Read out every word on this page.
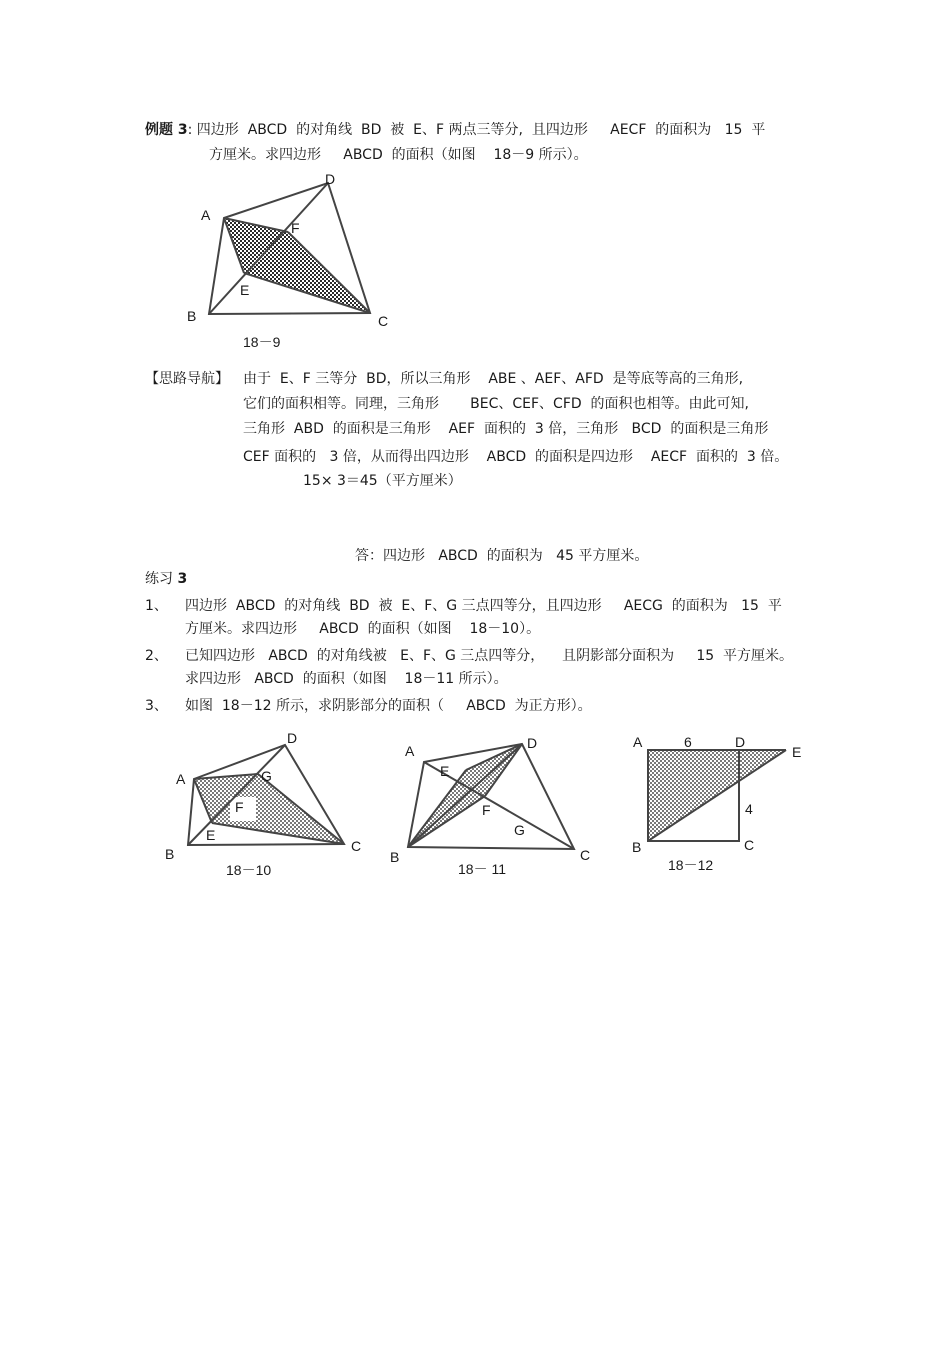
例题 3: 四边形  ABCD  的对角线  BD  被  E、F 两点三等分,  且四边形     AECF  的面积为   15  平
方厘米。求四边形     ABCD  的面积（如图    18－9 所示）。
D
A
F
E
B	C
18－9
【思路导航】 由于  E、F 三等分  BD，所以三角形    ABE 、AEF、AFD  是等底等高的三角形,
它们的面积相等。同理，三角形       BEC、CEF、CFD  的面积也相等。由此可知,
三角形  ABD  的面积是三角形    AEF  面积的  3 倍，三角形   BCD  的面积是三角形
CEF 面积的   3 倍，从而得出四边形    ABCD  的面积是四边形    AECF  面积的  3 倍。
15× 3＝45（平方厘米）
答：四边形   ABCD  的面积为   45 平方厘米。
练习 3
1、 四边形  ABCD  的对角线  BD  被  E、F、G 三点四等分，且四边形     AECG  的面积为   15  平
方厘米。求四边形     ABCD  的面积（如图    18－10）。
2、 已知四边形   ABCD  的对角线被   E、F、G 三点四等分，    且阴影部分面积为     15  平方厘米。
求四边形   ABCD  的面积（如图    18－11 所示）。
3、 如图  18－12 所示，求阴影部分的面积（     ABCD  为正方形）。
D
A	G
F
E
B	C
18－10
A	D
E
F
G
B	C
18－ 11
A	6	D
E
4
B	C
18－12
